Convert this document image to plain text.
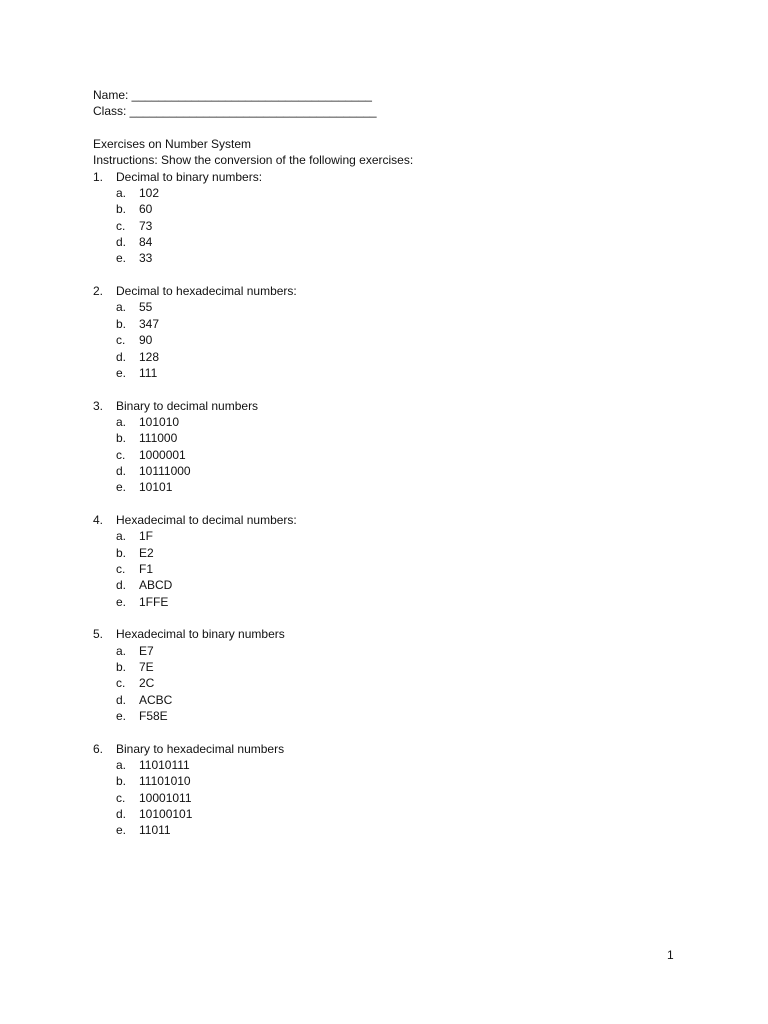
Name: ____________________________________
Class: _____________________________________
Exercises on Number System
Instructions: Show the conversion of the following exercises:
1. Decimal to binary numbers:
a. 102
b. 60
c. 73
d. 84
e. 33
2. Decimal to hexadecimal numbers:
a. 55
b. 347
c. 90
d. 128
e. 111
3. Binary to decimal numbers
a. 101010
b. 111000
c. 1000001
d. 10111000
e. 10101
4. Hexadecimal to decimal numbers:
a. 1F
b. E2
c. F1
d. ABCD
e. 1FFE
5. Hexadecimal to binary numbers
a. E7
b. 7E
c. 2C
d. ACBC
e. F58E
6. Binary to hexadecimal numbers
a. 11010111
b. 11101010
c. 10001011
d. 10100101
e. 11011
1
